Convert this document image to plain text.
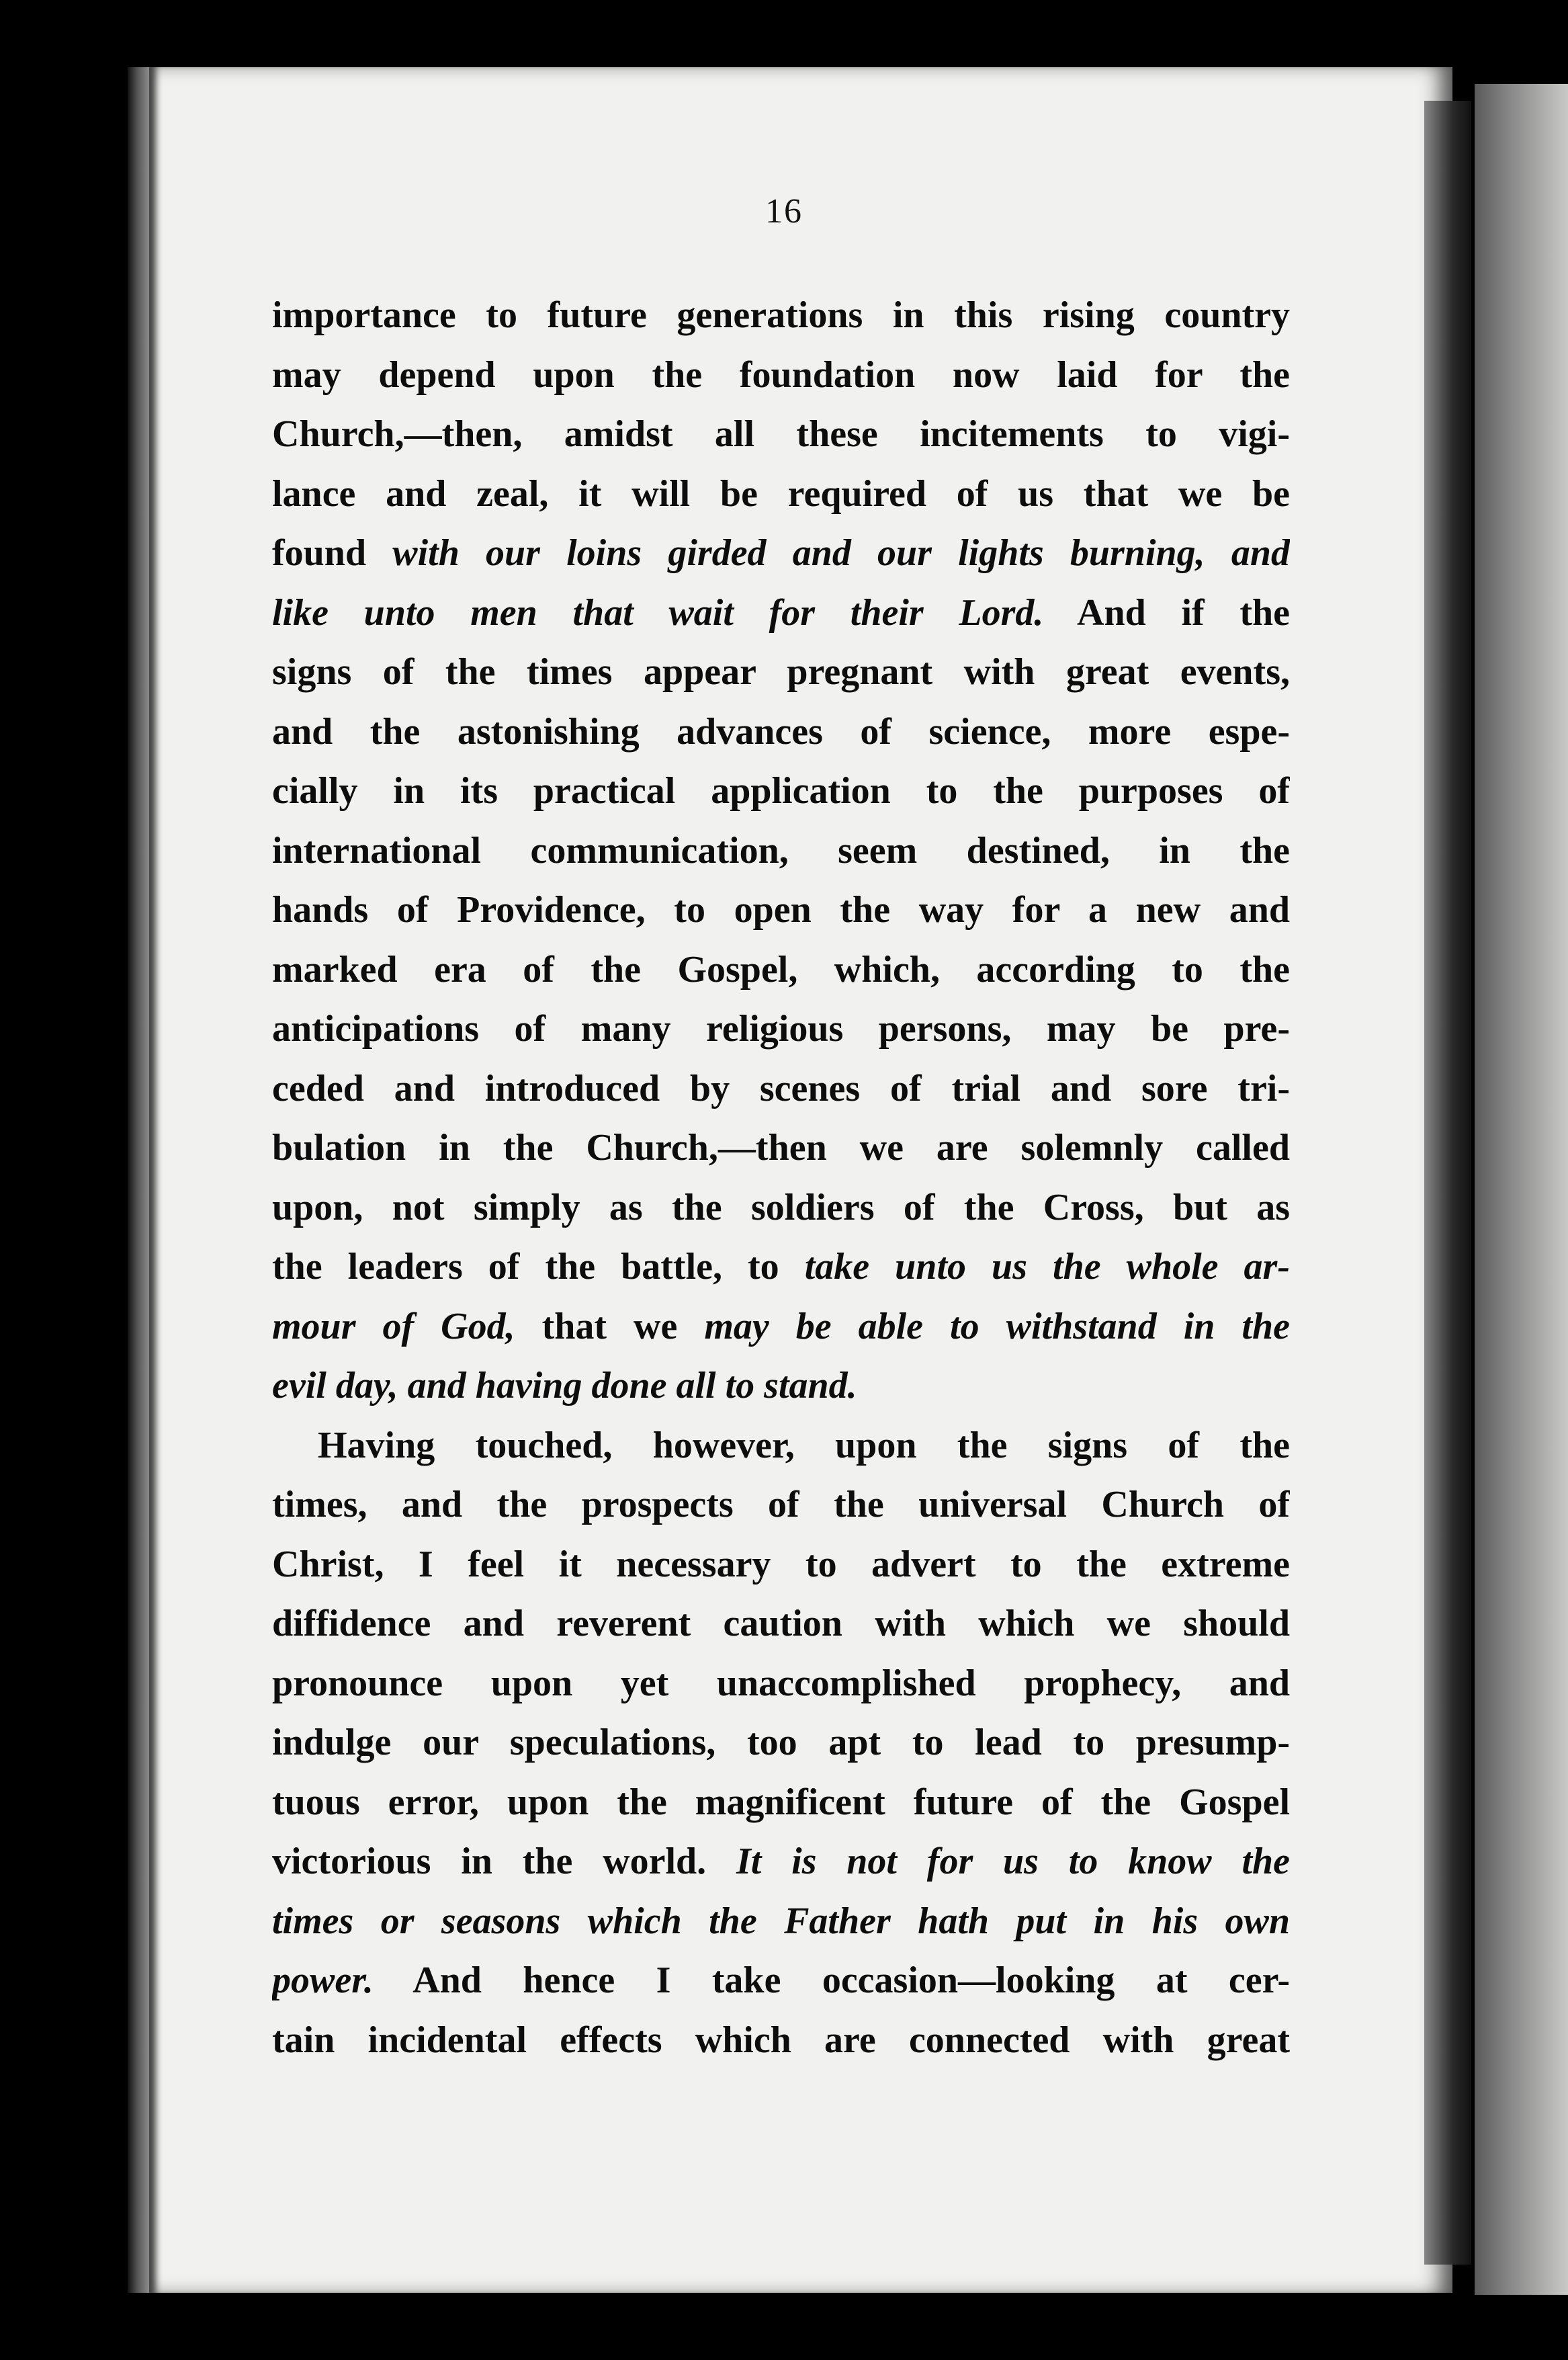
16
importance to future generations in this rising country
may depend upon the foundation now laid for the
Church,—then, amidst all these incitements to vigi-
lance and zeal, it will be required of us that we be
found with our loins girded and our lights burning, and
like unto men that wait for their Lord. And if the
signs of the times appear pregnant with great events,
and the astonishing advances of science, more espe-
cially in its practical application to the purposes of
international communication, seem destined, in the
hands of Providence, to open the way for a new and
marked era of the Gospel, which, according to the
anticipations of many religious persons, may be pre-
ceded and introduced by scenes of trial and sore tri-
bulation in the Church,—then we are solemnly called
upon, not simply as the soldiers of the Cross, but as
the leaders of the battle, to take unto us the whole ar-
mour of God, that we may be able to withstand in the
evil day, and having done all to stand.
Having touched, however, upon the signs of the
times, and the prospects of the universal Church of
Christ, I feel it necessary to advert to the extreme
diffidence and reverent caution with which we should
pronounce upon yet unaccomplished prophecy, and
indulge our speculations, too apt to lead to presump-
tuous error, upon the magnificent future of the Gospel
victorious in the world. It is not for us to know the
times or seasons which the Father hath put in his own
power. And hence I take occasion—looking at cer-
tain incidental effects which are connected with great
